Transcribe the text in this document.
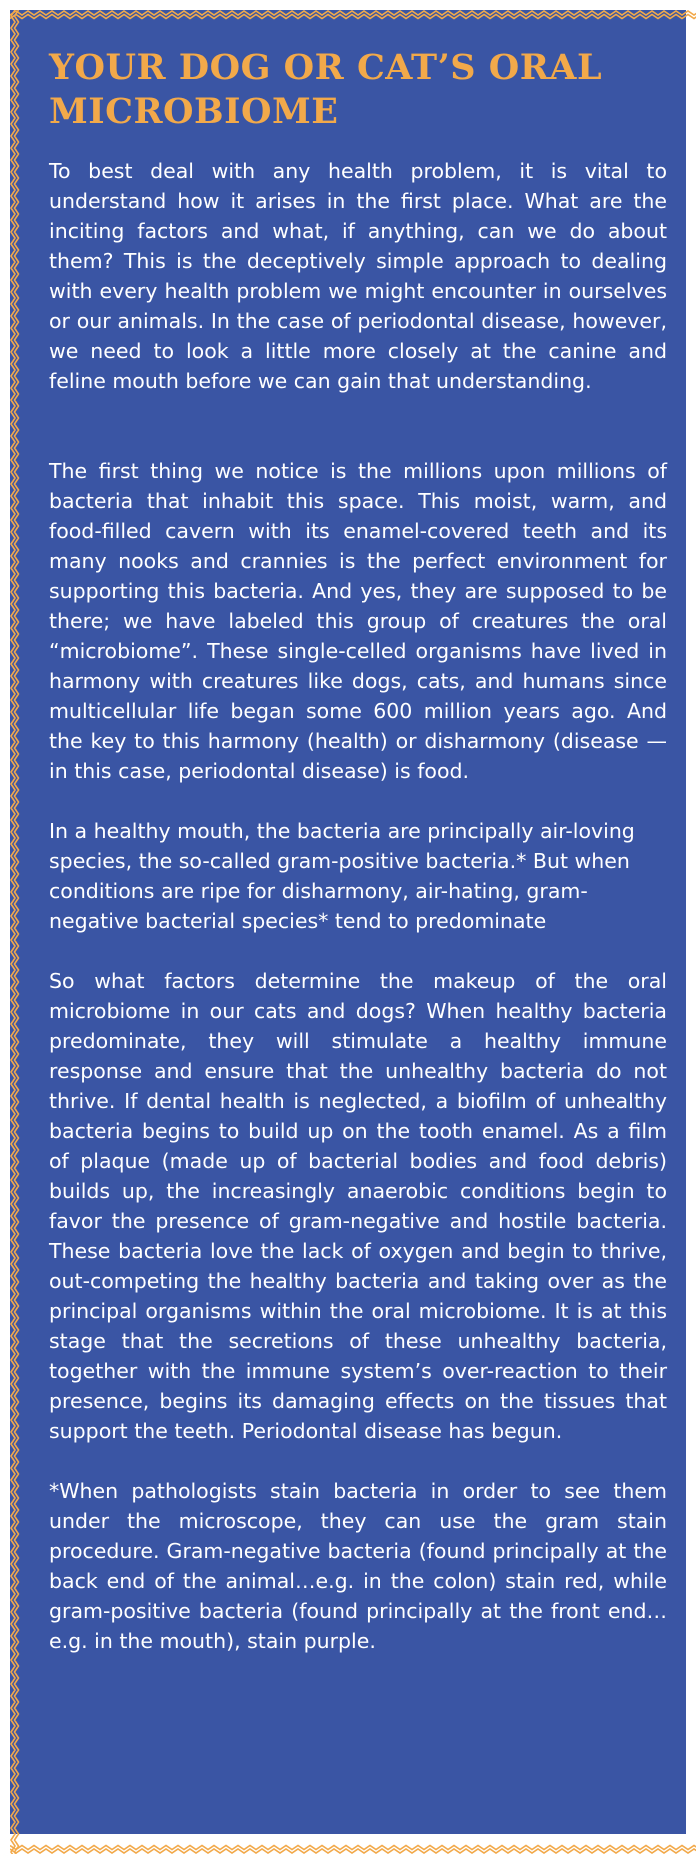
YOUR DOG OR CAT’S ORAL MICROBIOME

To best deal with any health problem, it is vital to understand how it arises in the first place. What are the inciting factors and what, if anything, can we do about them? This is the deceptively simple approach to dealing with every health problem we might encounter in ourselves or our animals. In the case of periodontal disease, however, we need to look a little more closely at the canine and feline mouth before we can gain that understanding.

The first thing we notice is the millions upon millions of bacteria that inhabit this space. This moist, warm, and food-filled cavern with its enamel-covered teeth and its many nooks and crannies is the perfect environment for supporting this bacteria. And yes, they are supposed to be there; we have labeled this group of creatures the oral “microbiome”. These single-celled organisms have lived in harmony with creatures like dogs, cats, and humans since multicellular life began some 600 million years ago. And the key to this harmony (health) or disharmony (disease — in this case, periodontal disease) is food.

In a healthy mouth, the bacteria are principally air-loving species, the so-called gram-positive bacteria.* But when conditions are ripe for disharmony, air-hating, gram-negative bacterial species* tend to predominate

So what factors determine the makeup of the oral microbiome in our cats and dogs? When healthy bacteria predominate, they will stimulate a healthy immune response and ensure that the unhealthy bacteria do not thrive. If dental health is neglected, a biofilm of unhealthy bacteria begins to build up on the tooth enamel. As a film of plaque (made up of bacterial bodies and food debris) builds up, the increasingly anaerobic conditions begin to favor the presence of gram-negative and hostile bacteria. These bacteria love the lack of oxygen and begin to thrive, out-competing the healthy bacteria and taking over as the principal organisms within the oral microbiome. It is at this stage that the secretions of these unhealthy bacteria, together with the immune system’s over-reaction to their presence, begins its damaging effects on the tissues that support the teeth. Periodontal disease has begun.

*When pathologists stain bacteria in order to see them under the microscope, they can use the gram stain procedure. Gram-negative bacteria (found principally at the back end of the animal…e.g. in the colon) stain red, while gram-positive bacteria (found principally at the front end… e.g. in the mouth), stain purple.
